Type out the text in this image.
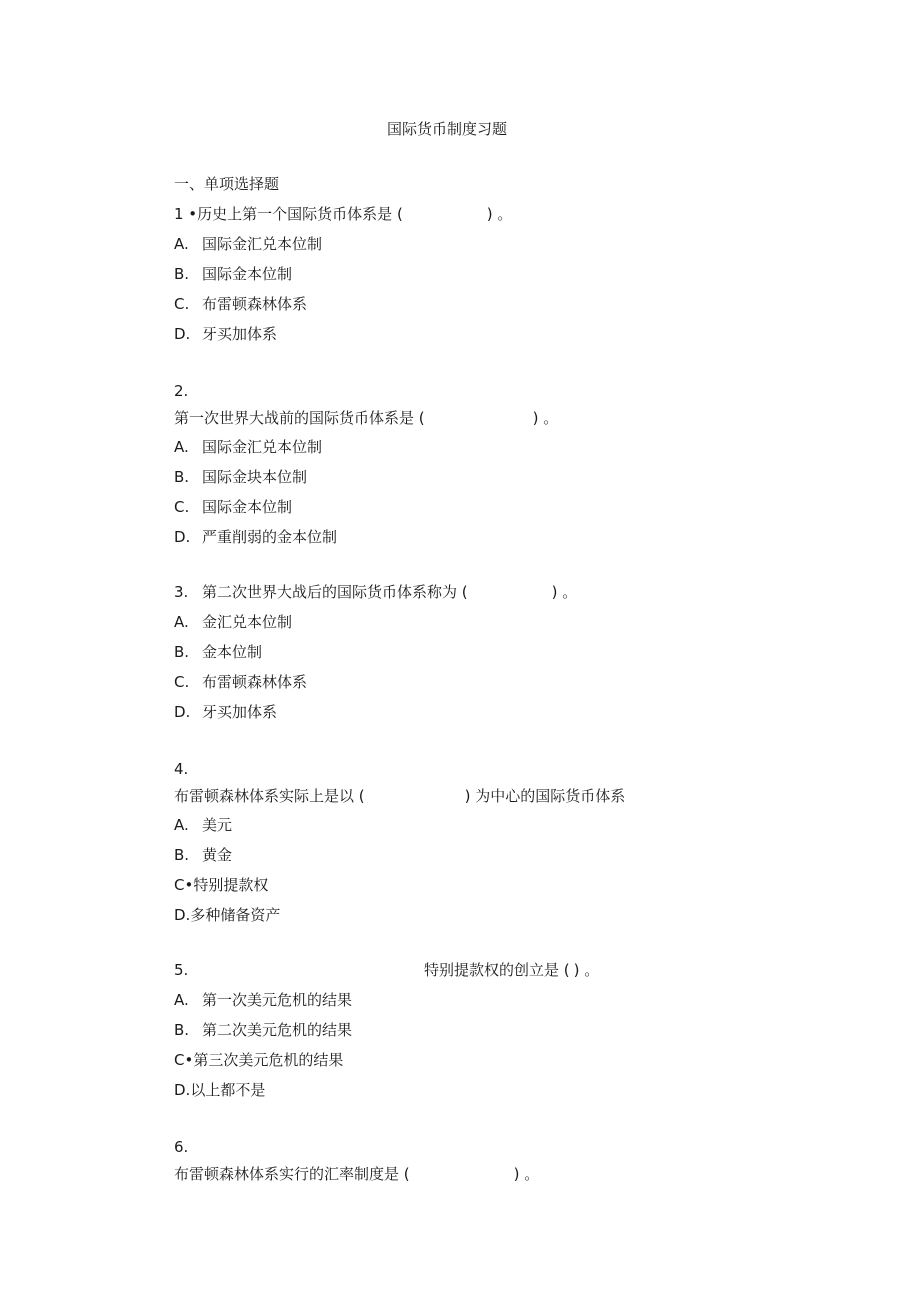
国际货币制度习题
一、单项选择题
1 •历史上第一个国际货币体系是 (	) 。
A. 国际金汇兑本位制
B. 国际金本位制
C. 布雷顿森林体系
D. 牙买加体系
2.
第一次世界大战前的国际货币体系是 (	) 。
A. 国际金汇兑本位制
B. 国际金块本位制
C. 国际金本位制
D. 严重削弱的金本位制
3. 第二次世界大战后的国际货币体系称为 (	) 。
A. 金汇兑本位制
B. 金本位制
C. 布雷顿森林体系
D. 牙买加体系
4.
布雷顿森林体系实际上是以 (	) 为中心的国际货币体系
A. 美元
B. 黄金
C•特别提款权
D.多种储备资产
5.	特别提款权的创立是 ( ) 。
A. 第一次美元危机的结果
B. 第二次美元危机的结果
C•第三次美元危机的结果
D.以上都不是
6.
布雷顿森林体系实行的汇率制度是 (	) 。
